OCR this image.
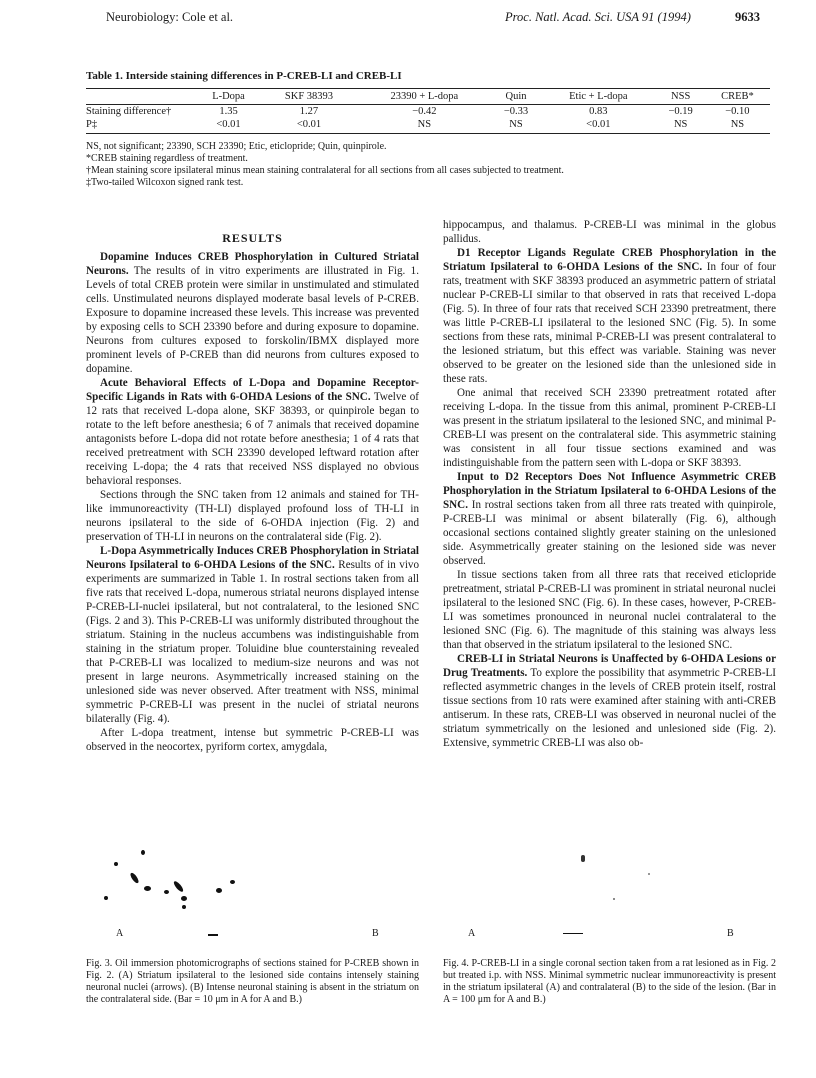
Neurobiology: Cole et al.	Proc. Natl. Acad. Sci. USA 91 (1994)	9633
Table 1. Interside staining differences in P-CREB-LI and CREB-LI
	L-Dopa	SKF 38393	23390 + L-dopa	Quin	Etic + L-dopa	NSS	CREB*
Staining difference†	1.35	1.27	−0.42	−0.33	0.83	−0.19	−0.10
P‡	<0.01	<0.01	NS	NS	<0.01	NS	NS
NS, not significant; 23390, SCH 23390; Etic, eticlopride; Quin, quinpirole.
*CREB staining regardless of treatment.
†Mean staining score ipsilateral minus mean staining contralateral for all sections from all cases subjected to treatment.
‡Two-tailed Wilcoxon signed rank test.
RESULTS

Dopamine Induces CREB Phosphorylation in Cultured Striatal Neurons. The results of in vitro experiments are illustrated in Fig. 1. Levels of total CREB protein were similar in unstimulated and stimulated cells. Unstimulated neurons displayed moderate basal levels of P-CREB. Exposure to dopamine increased these levels. This increase was prevented by exposing cells to SCH 23390 before and during exposure to dopamine. Neurons from cultures exposed to forskolin/IBMX displayed more prominent levels of P-CREB than did neurons from cultures exposed to dopamine.

Acute Behavioral Effects of L-Dopa and Dopamine Receptor-Specific Ligands in Rats with 6-OHDA Lesions of the SNC. Twelve of 12 rats that received L-dopa alone, SKF 38393, or quinpirole began to rotate to the left before anesthesia; 6 of 7 animals that received dopamine antagonists before L-dopa did not rotate before anesthesia; 1 of 4 rats that received pretreatment with SCH 23390 developed leftward rotation after receiving L-dopa; the 4 rats that received NSS displayed no obvious behavioral responses.

Sections through the SNC taken from 12 animals and stained for TH-like immunoreactivity (TH-LI) displayed profound loss of TH-LI in neurons ipsilateral to the side of 6-OHDA injection (Fig. 2) and preservation of TH-LI in neurons on the contralateral side (Fig. 2).

L-Dopa Asymmetrically Induces CREB Phosphorylation in Striatal Neurons Ipsilateral to 6-OHDA Lesions of the SNC. Results of in vivo experiments are summarized in Table 1. In rostral sections taken from all five rats that received L-dopa, numerous striatal neurons displayed intense P-CREB-LI-nuclei ipsilateral, but not contralateral, to the lesioned SNC (Figs. 2 and 3). This P-CREB-LI was uniformly distributed throughout the striatum. Staining in the nucleus accumbens was indistinguishable from staining in the striatum proper. Toluidine blue counterstaining revealed that P-CREB-LI was localized to medium-size neurons and was not present in large neurons. Asymmetrically increased staining on the unlesioned side was never observed. After treatment with NSS, minimal symmetric P-CREB-LI was present in the nuclei of striatal neurons bilaterally (Fig. 4).

After L-dopa treatment, intense but symmetric P-CREB-LI was observed in the neocortex, pyriform cortex, amygdala,

hippocampus, and thalamus. P-CREB-LI was minimal in the globus pallidus.

D1 Receptor Ligands Regulate CREB Phosphorylation in the Striatum Ipsilateral to 6-OHDA Lesions of the SNC. In four of four rats, treatment with SKF 38393 produced an asymmetric pattern of striatal nuclear P-CREB-LI similar to that observed in rats that received L-dopa (Fig. 5). In three of four rats that received SCH 23390 pretreatment, there was little P-CREB-LI ipsilateral to the lesioned SNC (Fig. 5). In some sections from these rats, minimal P-CREB-LI was present contralateral to the lesioned striatum, but this effect was variable. Staining was never observed to be greater on the lesioned side than the unlesioned side in these rats.

One animal that received SCH 23390 pretreatment rotated after receiving L-dopa. In the tissue from this animal, prominent P-CREB-LI was present in the striatum ipsilateral to the lesioned SNC, and minimal P-CREB-LI was present on the contralateral side. This asymmetric staining was consistent in all four tissue sections examined and was indistinguishable from the pattern seen with L-dopa or SKF 38393.

Input to D2 Receptors Does Not Influence Asymmetric CREB Phosphorylation in the Striatum Ipsilateral to 6-OHDA Lesions of the SNC. In rostral sections taken from all three rats treated with quinpirole, P-CREB-LI was minimal or absent bilaterally (Fig. 6), although occasional sections contained slightly greater staining on the unlesioned side. Asymmetrically greater staining on the lesioned side was never observed.

In tissue sections taken from all three rats that received eticlopride pretreatment, striatal P-CREB-LI was prominent in striatal neuronal nuclei ipsilateral to the lesioned SNC (Fig. 6). In these cases, however, P-CREB-LI was sometimes pronounced in neuronal nuclei contralateral to the lesioned SNC (Fig. 6). The magnitude of this staining was always less than that observed in the striatum ipsilateral to the lesioned SNC.

CREB-LI in Striatal Neurons is Unaffected by 6-OHDA Lesions or Drug Treatments. To explore the possibility that asymmetric P-CREB-LI reflected asymmetric changes in the levels of CREB protein itself, rostral tissue sections from 10 rats were examined after staining with anti-CREB antiserum. In these rats, CREB-LI was observed in neuronal nuclei of the striatum symmetrically on the lesioned and unlesioned side (Fig. 2). Extensive, symmetric CREB-LI was also ob-

A	B
Fig. 3. Oil immersion photomicrographs of sections stained for P-CREB shown in Fig. 2. (A) Striatum ipsilateral to the lesioned side contains intensely staining neuronal nuclei (arrows). (B) Intense neuronal staining is absent in the striatum on the contralateral side. (Bar = 10 μm in A for A and B.)
A	B
Fig. 4. P-CREB-LI in a single coronal section taken from a rat lesioned as in Fig. 2 but treated i.p. with NSS. Minimal symmetric nuclear immunoreactivity is present in the striatum ipsilateral (A) and contralateral (B) to the side of the lesion. (Bar in A = 100 μm for A and B.)
